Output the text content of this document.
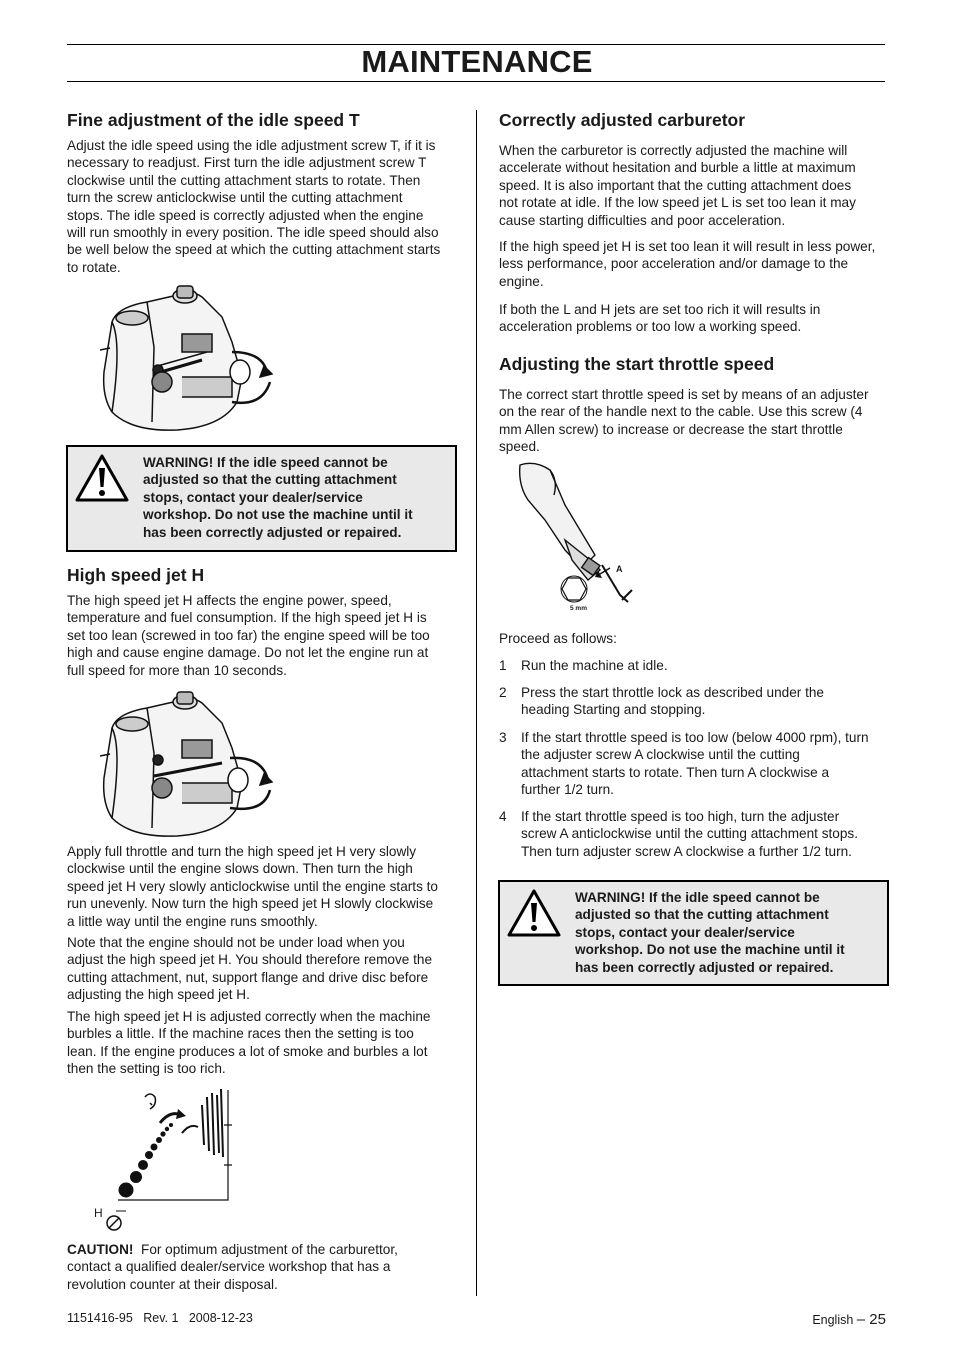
MAINTENANCE
Fine adjustment of the idle speed T
Adjust the idle speed using the idle adjustment screw T, if it is
necessary to readjust. First turn the idle adjustment screw T
clockwise until the cutting attachment starts to rotate. Then
turn the screw anticlockwise until the cutting attachment
stops. The idle speed is correctly adjusted when the engine
will run smoothly in every position. The idle speed should also
be well below the speed at which the cutting attachment starts
to rotate.
WARNING! If the idle speed cannot be
adjusted so that the cutting attachment
stops, contact your dealer/service
workshop. Do not use the machine until it
has been correctly adjusted or repaired.
High speed jet H
The high speed jet H affects the engine power, speed,
temperature and fuel consumption. If the high speed jet H is
set too lean (screwed in too far) the engine speed will be too
high and cause engine damage. Do not let the engine run at
full speed for more than 10 seconds.
Apply full throttle and turn the high speed jet H very slowly
clockwise until the engine slows down. Then turn the high
speed jet H very slowly anticlockwise until the engine starts to
run unevenly. Now turn the high speed jet H slowly clockwise
a little way until the engine runs smoothly.
Note that the engine should not be under load when you
adjust the high speed jet H. You should therefore remove the
cutting attachment, nut, support flange and drive disc before
adjusting the high speed jet H.
The high speed jet H is adjusted correctly when the machine
burbles a little. If the machine races then the setting is too
lean. If the engine produces a lot of smoke and burbles a lot
then the setting is too rich.
H
CAUTION! For optimum adjustment of the carburettor,
contact a qualified dealer/service workshop that has a
revolution counter at their disposal.
Correctly adjusted carburetor
When the carburetor is correctly adjusted the machine will
accelerate without hesitation and burble a little at maximum
speed. It is also important that the cutting attachment does
not rotate at idle. If the low speed jet L is set too lean it may
cause starting difficulties and poor acceleration.
If the high speed jet H is set too lean it will result in less power,
less performance, poor acceleration and/or damage to the
engine.
If both the L and H jets are set too rich it will results in
acceleration problems or too low a working speed.
Adjusting the start throttle speed
The correct start throttle speed is set by means of an adjuster
on the rear of the handle next to the cable. Use this screw (4
mm Allen screw) to increase or decrease the start throttle
speed.
A
5 mm
Proceed as follows:
1	Run the machine at idle.
2	Press the start throttle lock as described under the
heading Starting and stopping.
3	If the start throttle speed is too low (below 4000 rpm), turn
the adjuster screw A clockwise until the cutting
attachment starts to rotate. Then turn A clockwise a
further 1/2 turn.
4	If the start throttle speed is too high, turn the adjuster
screw A anticlockwise until the cutting attachment stops.
Then turn adjuster screw A clockwise a further 1/2 turn.
WARNING! If the idle speed cannot be
adjusted so that the cutting attachment
stops, contact your dealer/service
workshop. Do not use the machine until it
has been correctly adjusted or repaired.
1151416-95   Rev. 1   2008-12-23	English – 25
